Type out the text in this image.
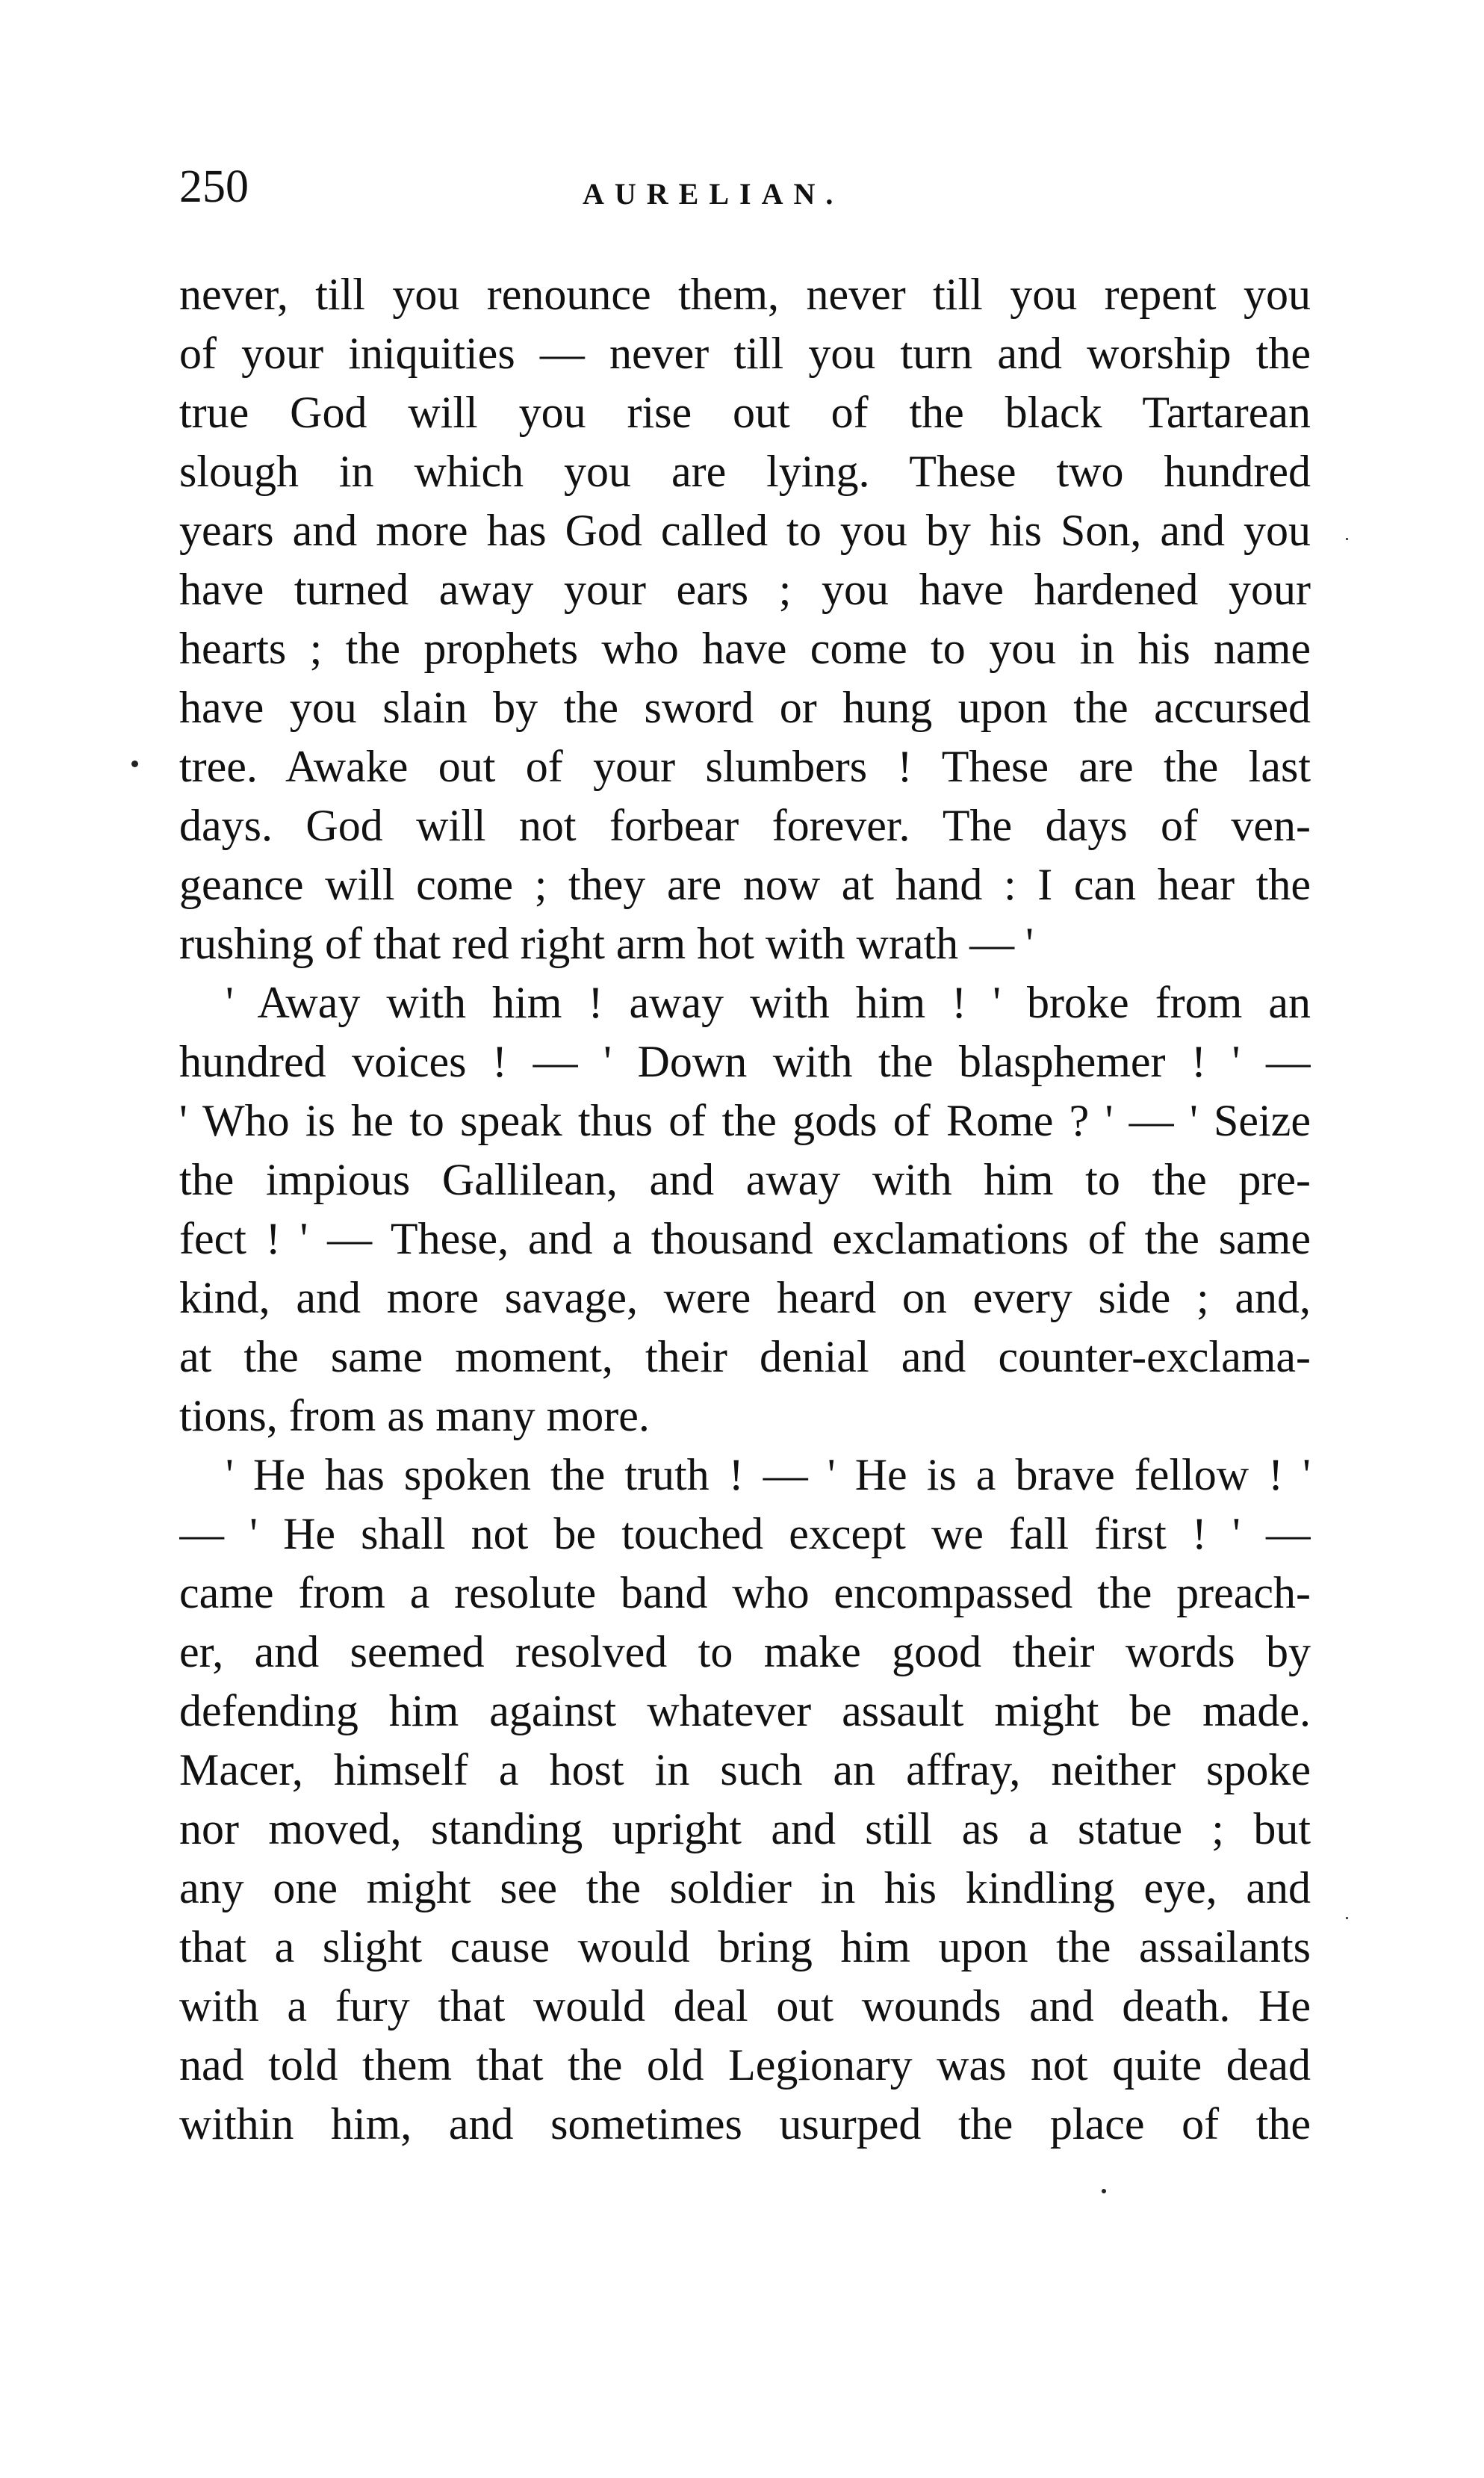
250	AURELIAN.
never, till you renounce them, never till you repent you
of your iniquities — never till you turn and worship the
true God will you rise out of the black Tartarean
slough in which you are lying. These two hundred
years and more has God called to you by his Son, and you
have turned away your ears ; you have hardened your
hearts ; the prophets who have come to you in his name
have you slain by the sword or hung upon the accursed
tree. Awake out of your slumbers ! These are the last
days. God will not forbear forever. The days of ven-
geance will come ; they are now at hand : I can hear the
rushing of that red right arm hot with wrath — '
' Away with him ! away with him ! ' broke from an
hundred voices ! — ' Down with the blasphemer ! ' —
' Who is he to speak thus of the gods of Rome ? ' — ' Seize
the impious Gallilean, and away with him to the pre-
fect ! ' — These, and a thousand exclamations of the same
kind, and more savage, were heard on every side ; and,
at the same moment, their denial and counter-exclama-
tions, from as many more.
' He has spoken the truth ! — ' He is a brave fellow ! '
— ' He shall not be touched except we fall first ! ' —
came from a resolute band who encompassed the preach-
er, and seemed resolved to make good their words by
defending him against whatever assault might be made.
Macer, himself a host in such an affray, neither spoke
nor moved, standing upright and still as a statue ; but
any one might see the soldier in his kindling eye, and
that a slight cause would bring him upon the assailants
with a fury that would deal out wounds and death. He
nad told them that the old Legionary was not quite dead
within him, and sometimes usurped the place of the
